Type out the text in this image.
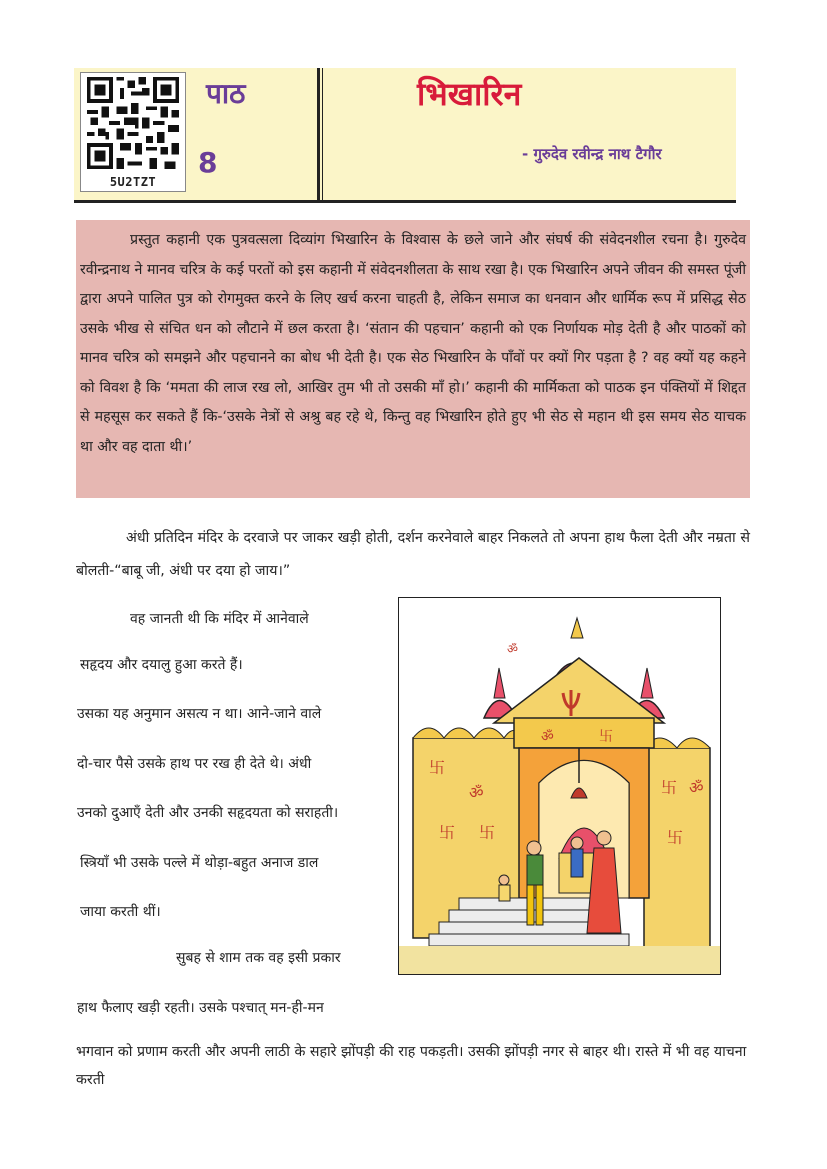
5U2TZT
पाठ
8
भिखारिन
- गुरुदेव रवीन्द्र नाथ टैगौर

प्रस्तुत कहानी एक पुत्रवत्सला दिव्यांग भिखारिन के विश्वास के छले जाने और संघर्ष की संवेदनशील रचना है। गुरुदेव रवीन्द्रनाथ ने मानव चरित्र के कई परतों को इस कहानी में संवेदनशीलता के साथ रखा है। एक भिखारिन अपने जीवन की समस्त पूंजी द्वारा अपने पालित पुत्र को रोगमुक्त करने के लिए खर्च करना चाहती है, लेकिन समाज का धनवान और धार्मिक रूप में प्रसिद्ध सेठ उसके भीख से संचित धन को लौटाने में छल करता है। ‘संतान की पहचान’ कहानी को एक निर्णायक मोड़ देती है और पाठकों को मानव चरित्र को समझने और पहचानने का बोध भी देती है। एक सेठ भिखारिन के पाँवों पर क्यों गिर पड़ता है ? वह क्यों यह कहने को विवश है कि ‘ममता की लाज रख लो, आखिर तुम भी तो उसकी माँ हो।’ कहानी की मार्मिकता को पाठक इन पंक्तियों में शिद्दत से महसूस कर सकते हैं कि-‘उसके नेत्रों से अश्रु बह रहे थे, किन्तु वह भिखारिन होते हुए भी सेठ से महान थी इस समय सेठ याचक था और वह दाता थी।’

अंधी प्रतिदिन मंदिर के दरवाजे पर जाकर खड़ी होती, दर्शन करनेवाले बाहर निकलते तो अपना हाथ फैला देती और नम्रता से बोलती-“बाबू जी, अंधी पर दया हो जाय।”
वह जानती थी कि मंदिर में आनेवाले
सहृदय और दयालु हुआ करते हैं।
उसका यह अनुमान असत्य न था। आने-जाने वाले
दो-चार पैसे उसके हाथ पर रख ही देते थे। अंधी
उनको दुआएँ देती और उनकी सहृदयता को सराहती।
स्त्रियाँ भी उसके पल्ले में थोड़ा-बहुत अनाज डाल
जाया करती थीं।
सुबह से शाम तक वह इसी प्रकार
हाथ फैलाए खड़ी रहती। उसके पश्चात् मन-ही-मन
ॐ	卐
ॐ
卐
ॐ
卐 卐
卐 ॐ
卐
भगवान को प्रणाम करती और अपनी लाठी के सहारे झोंपड़ी की राह पकड़ती। उसकी झोंपड़ी नगर से बाहर थी। रास्ते में भी वह याचना करती
